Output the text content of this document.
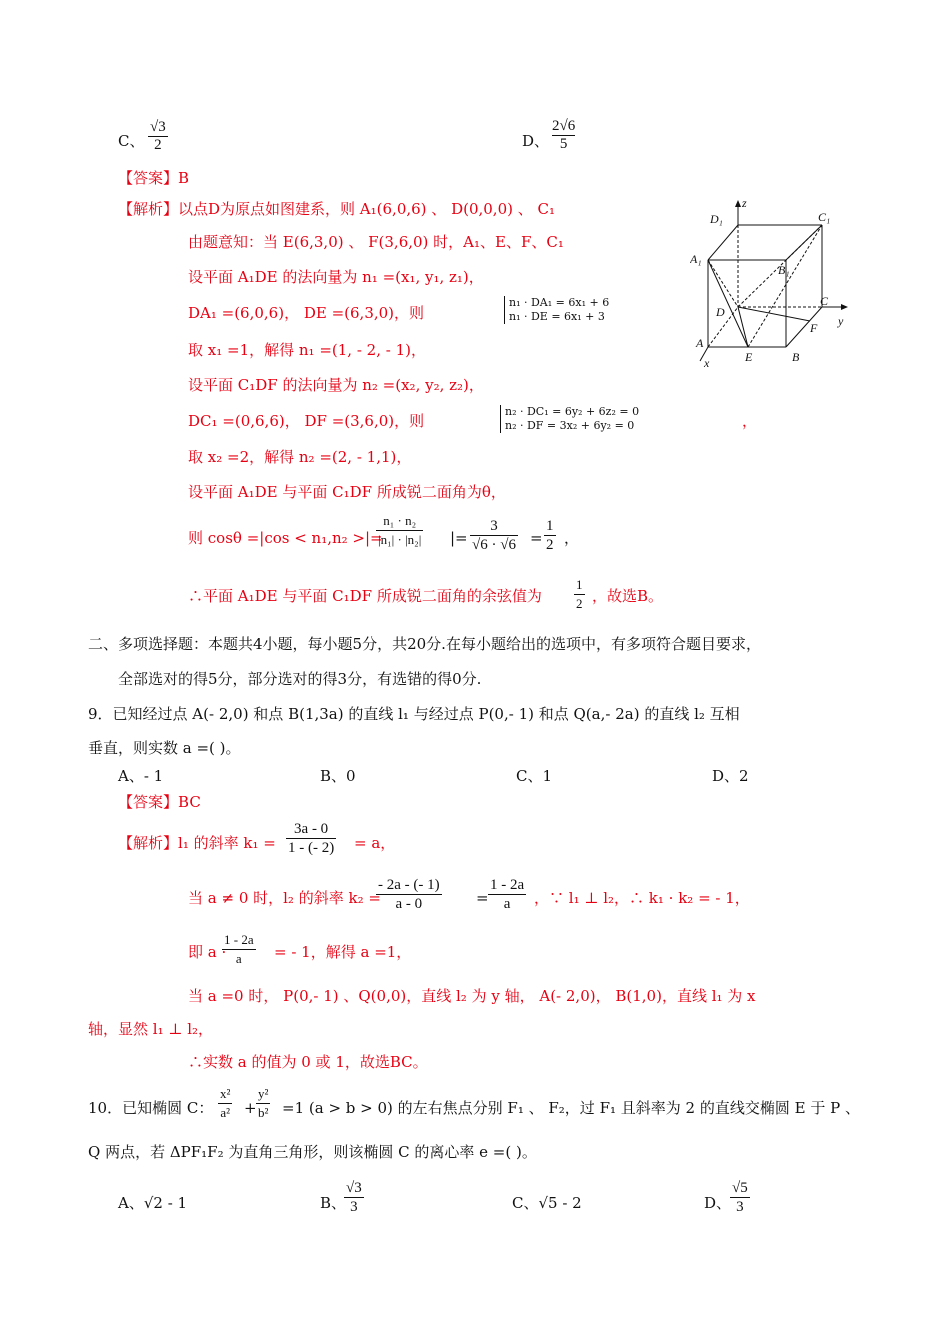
C、 $\frac{√3}{2}$	D、 $\frac{2√6}{5}$
【答案】B
【解析】以点D为原点如图建系，则 A₁(6,0,6) 、 D(0,0,0) 、 C₁
由题意知：当 E(6,3,0) 、 F(3,6,0) 时，A₁、E、F、C₁
设平面 A₁DE 的法向量为 n₁ =(x₁, y₁, z₁)，
DA₁ =(6,0,6)， DE =(6,3,0)，则
n₁ · DA₁ = 6x₁ + 6
n₁ · DE = 6x₁ + 3
取 x₁ =1，解得 n₁ =(1, - 2, - 1)，
设平面 C₁DF 的法向量为 n₂ =(x₂, y₂, z₂)，
DC₁ =(0,6,6)， DF =(3,6,0)，则
n₂ · DC₁ = 6y₂ + 6z₂ = 0
n₂ · DF = 3x₂ + 6y₂ = 0	，
取 x₂ =2，解得 n₂ =(2, - 1,1)，
设平面 A₁DE 与平面 C₁DF 所成锐二面角为θ，
则 cosθ =|cos < n₁,n₂ >|=
$\frac{\text{n₁ · n₂}}{\text{|n₁| · |n₂|}}$ |= $\frac{3}{√6 \cdot √6} = \frac{1}{2}$ ，
∴平面 A₁DE 与平面 C₁DF 所成锐二面角的余弦值为 $\frac{1}{2}$ ，故选B。
D₁
z
C₁
A₁
B₁
C
D
y
F
A
E	B
x
二、多项选择题：本题共4小题，每小题5分，共20分.在每小题给出的选项中，有多项符合题目要求，
全部选对的得5分，部分选对的得3分，有选错的得0分.
9．已知经过点 A(- 2,0) 和点 B(1,3a) 的直线 l₁ 与经过点 P(0,- 1) 和点 Q(a,- 2a) 的直线 l₂ 互相
垂直，则实数 a =( )。
A、- 1	B、0	C、1	D、2
【答案】BC
【解析】l₁ 的斜率 $k_1 = \frac{3a - 0}{1 - (- 2)} = a$，
当 a ≠ 0 时，l₂ 的斜率 k₂ =
$\frac{- 2a - (- 1)}{a - 0} = \frac{1 - 2a}{a}$ ，∵ l₁ ⊥ l₂，∴ k₁ · k₂ = - 1，
即 a ·
$\frac{1 - 2a}{a}$ = - 1，解得 a =1，
当 a =0 时， P(0,- 1) 、Q(0,0)，直线 l₂ 为 y 轴， A(- 2,0)， B(1,0)，直线 l₁ 为 x
轴，显然 l₁ ⊥ l₂，
∴实数 a 的值为 0 或 1，故选BC。
10．已知椭圆 C： $\frac{\text{x²}}{\text{a²}} + \frac{\text{y²}}{\text{b²}} =1$ (a > b > 0) 的左右焦点分别 F₁ 、 F₂，过 F₁ 且斜率为 2 的直线交椭圆 E 于 P 、
Q 两点，若 ΔPF₁F₂ 为直角三角形，则该椭圆 C 的离心率 e =( )。
A、√2 - 1	B、
$\frac{√3}{3}$	C、√5 - 2	D、
$\frac{√5}{3}$
